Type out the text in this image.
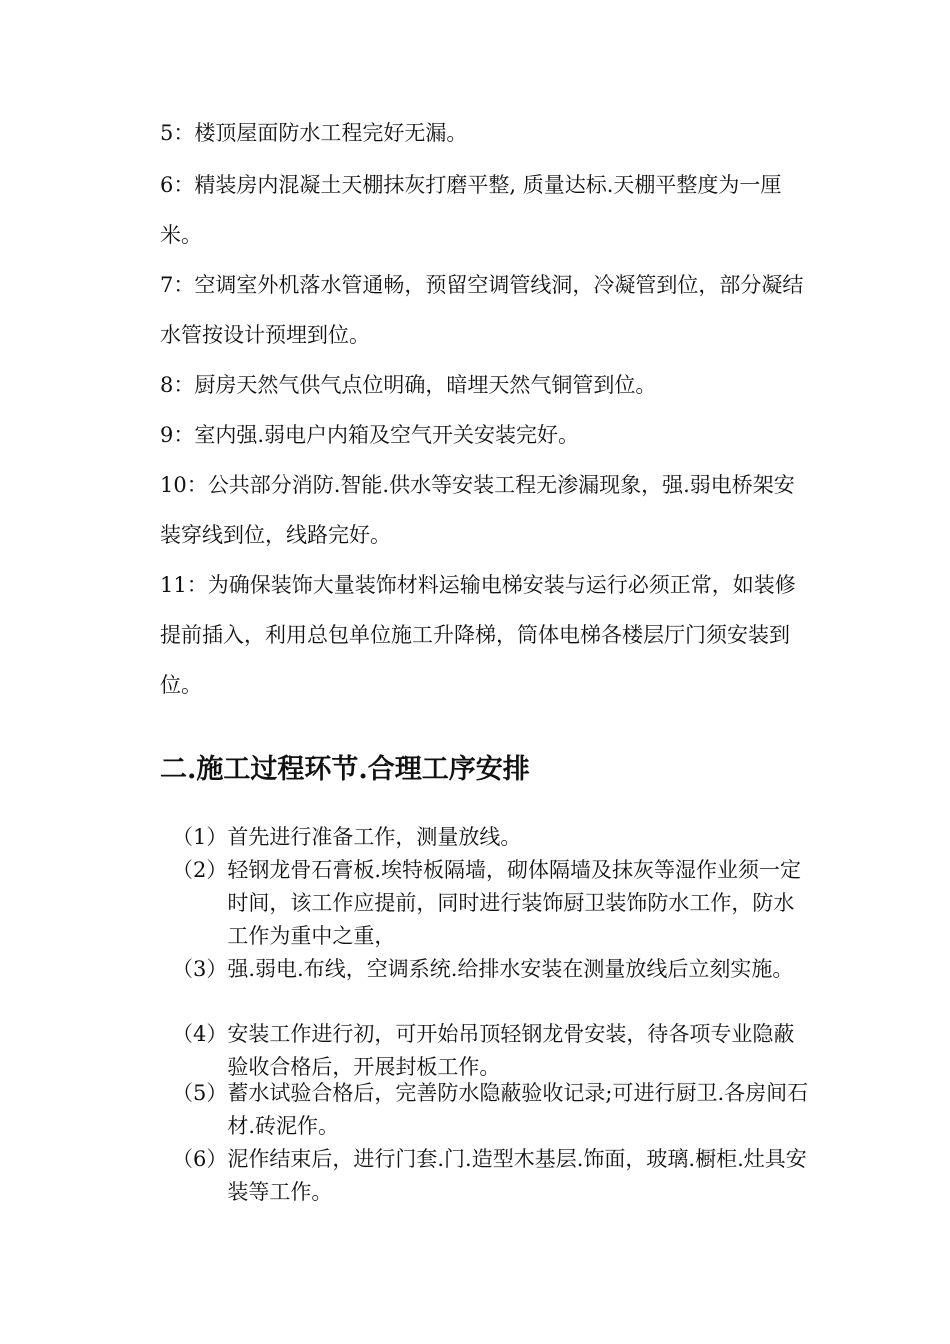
5：楼顶屋面防水工程完好无漏。

6：精装房内混凝土天棚抹灰打磨平整, 质量达标.天棚平整度为一厘米。

7：空调室外机落水管通畅，预留空调管线洞，冷凝管到位，部分凝结水管按设计预埋到位。

8：厨房天然气供气点位明确，暗埋天然气铜管到位。

9：室内强.弱电户内箱及空气开关安装完好。

10：公共部分消防.智能.供水等安装工程无渗漏现象，强.弱电桥架安装穿线到位，线路完好。

11：为确保装饰大量装饰材料运输电梯安装与运行必须正常，如装修提前插入，利用总包单位施工升降梯，筒体电梯各楼层厅门须安装到位。

二.施工过程环节.合理工序安排
（1） 首先进行准备工作，测量放线。
（2） 轻钢龙骨石膏板.埃特板隔墙，砌体隔墙及抹灰等湿作业须一定时间，该工作应提前，同时进行装饰厨卫装饰防水工作，防水工作为重中之重，
（3） 强.弱电.布线，空调系统.给排水安装在测量放线后立刻实施。
（4） 安装工作进行初，可开始吊顶轻钢龙骨安装，待各项专业隐蔽验收合格后，开展封板工作。
（5） 蓄水试验合格后，完善防水隐蔽验收记录;可进行厨卫.各房间石材.砖泥作。
（6） 泥作结束后，进行门套.门.造型木基层.饰面，玻璃.橱柜.灶具安装等工作。
